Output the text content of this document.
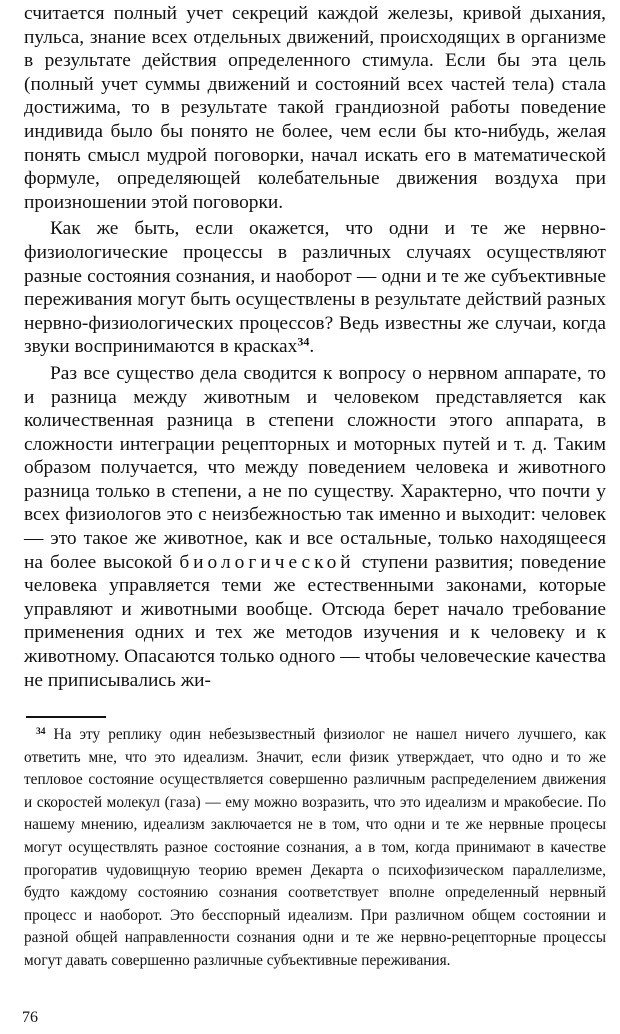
считается полный учет секреций каждой железы, кривой дыхания, пульса, знание всех отдельных движений, происходящих в организме в результате действия определенного стимула. Если бы эта цель (полный учет суммы движений и состояний всех частей тела) стала достижима, то в результате такой грандиозной работы поведение индивида было бы понято не более, чем если бы кто-нибудь, желая понять смысл мудрой поговорки, начал искать его в математической формуле, определяющей колебательные движения воздуха при произношении этой поговорки.

Как же быть, если окажется, что одни и те же нервно-физиологические процессы в различных случаях осуществляют разные состояния сознания, и наоборот — одни и те же субъективные переживания могут быть осуществлены в результате действий разных нервно-физиологических процессов? Ведь известны же случаи, когда звуки воспринимаются в красках$^{34}$.

Раз все существо дела сводится к вопросу о нервном аппарате, то и разница между животным и человеком представляется как количественная разница в степени сложности этого аппарата, в сложности интеграции рецепторных и моторных путей и т. д. Таким образом получается, что между поведением человека и животного разница только в степени, а не по существу. Характерно, что почти у всех физиологов это с неизбежностью так именно и выходит: человек — это такое же животное, как и все остальные, только находящееся на более высокой биологической ступени развития; поведение человека управляется теми же естественными законами, которые управляют и животными вообще. Отсюда берет начало требование применения одних и тех же методов изучения и к человеку и к животному. Опасаются только одного — чтобы человеческие качества не приписывались жи-

$^{34}$ На эту реплику один небезызвестный физиолог не нашел ничего лучшего, как ответить мне, что это идеализм. Значит, если физик утверждает, что одно и то же тепловое состояние осуществляется совершенно различным распределением движения и скоростей молекул (газа) — ему можно возразить, что это идеализм и мракобесие. По нашему мнению, идеализм заключается не в том, что одни и те же нервные процесы могут осуществлять разное состояние сознания, а в том, когда принимают в качестве прогоратив чудовищную теорию времен Декарта о психофизическом параллелизме, будто каждому состоянию сознания соответствует вполне определенный нервный процесс и наоборот. Это бесспорный идеализм. При различном общем состоянии и разной общей направленности сознания одни и те же нервно-рецепторные процессы могут давать совершенно различные субъективные переживания.

76
